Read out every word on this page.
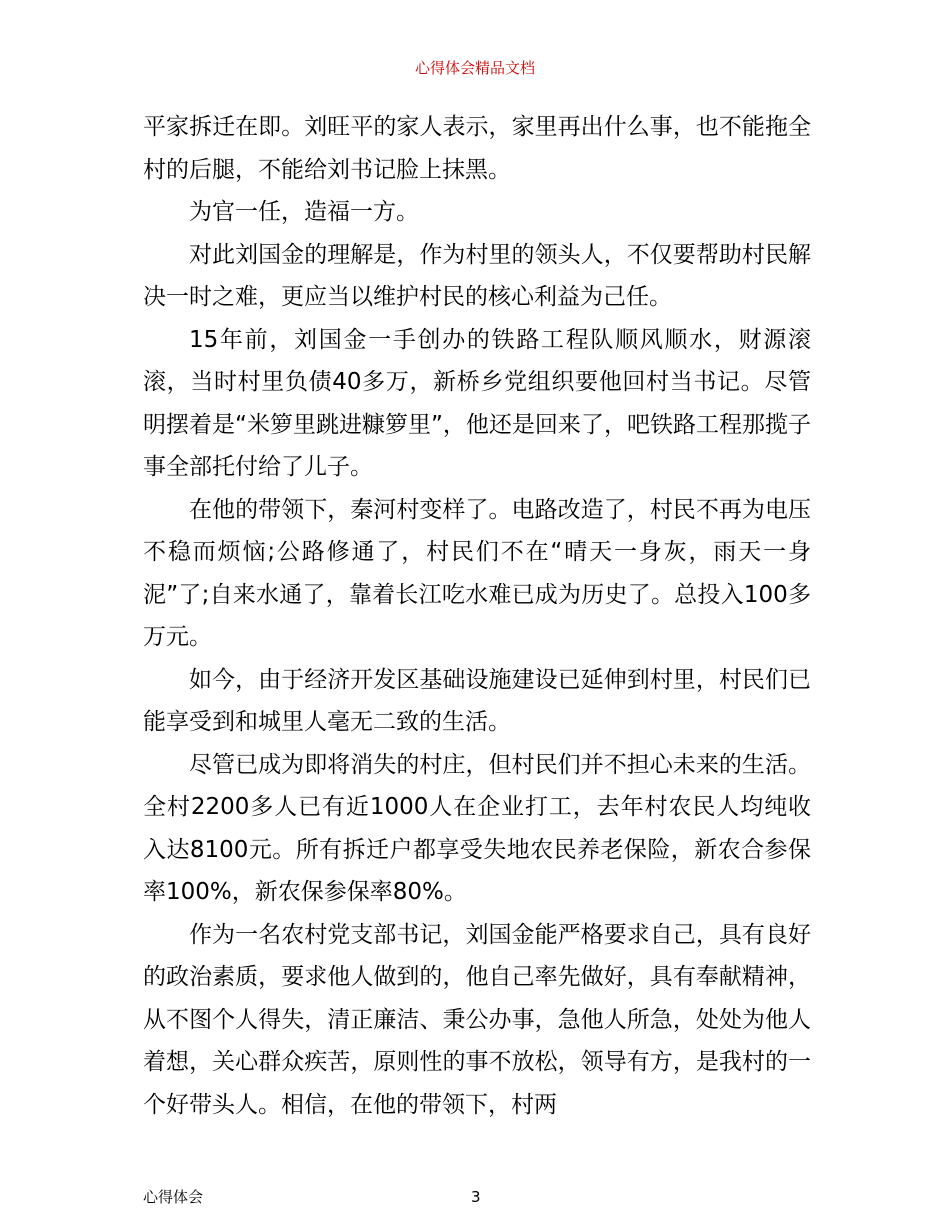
心得体会精品文档

平家拆迁在即。刘旺平的家人表示，家里再出什么事，也不能拖全村的后腿，不能给刘书记脸上抹黑。

为官一任，造福一方。

对此刘国金的理解是，作为村里的领头人，不仅要帮助村民解决一时之难，更应当以维护村民的核心利益为己任。

15年前，刘国金一手创办的铁路工程队顺风顺水，财源滚滚，当时村里负债40多万，新桥乡党组织要他回村当书记。尽管明摆着是“米箩里跳进糠箩里”，他还是回来了，吧铁路工程那揽子事全部托付给了儿子。

在他的带领下，秦河村变样了。电路改造了，村民不再为电压不稳而烦恼;公路修通了，村民们不在“晴天一身灰，雨天一身泥”了;自来水通了，靠着长江吃水难已成为历史了。总投入100多万元。

如今，由于经济开发区基础设施建设已延伸到村里，村民们已能享受到和城里人毫无二致的生活。

尽管已成为即将消失的村庄，但村民们并不担心未来的生活。全村2200多人已有近1000人在企业打工，去年村农民人均纯收入达8100元。所有拆迁户都享受失地农民养老保险，新农合参保率100%，新农保参保率80%。

作为一名农村党支部书记，刘国金能严格要求自己，具有良好的政治素质，要求他人做到的，他自己率先做好，具有奉献精神，从不图个人得失，清正廉洁、秉公办事，急他人所急，处处为他人着想，关心群众疾苦，原则性的事不放松，领导有方，是我村的一个好带头人。相信，在他的带领下，村两

心得体会	3
